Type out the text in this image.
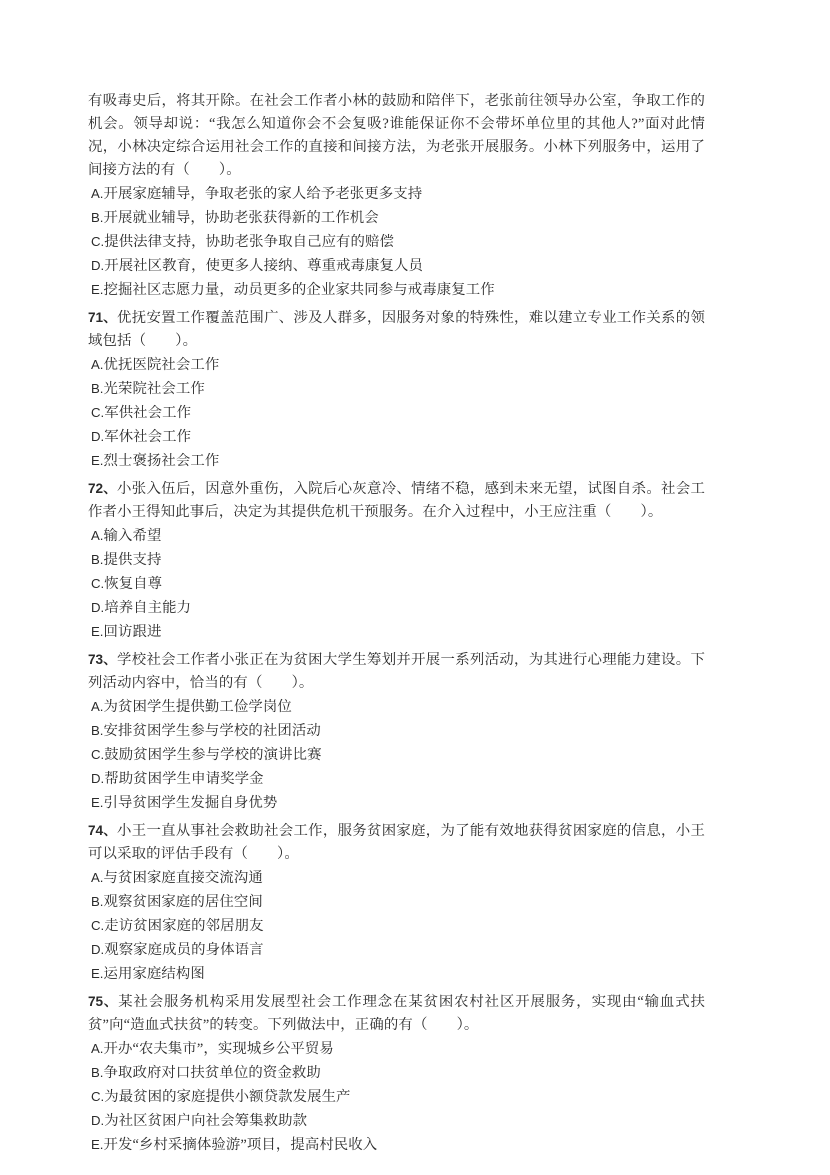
有吸毒史后，将其开除。在社会工作者小林的鼓励和陪伴下，老张前往领导办公室，争取工作的机会。领导却说：“我怎么知道你会不会复吸?谁能保证你不会带坏单位里的其他人?”面对此情况，小林决定综合运用社会工作的直接和间接方法，为老张开展服务。小林下列服务中，运用了间接方法的有（　　）。
A.开展家庭辅导，争取老张的家人给予老张更多支持
B.开展就业辅导，协助老张获得新的工作机会
C.提供法律支持，协助老张争取自己应有的赔偿
D.开展社区教育，使更多人接纳、尊重戒毒康复人员
E.挖掘社区志愿力量，动员更多的企业家共同参与戒毒康复工作
71、优抚安置工作覆盖范围广、涉及人群多，因服务对象的特殊性，难以建立专业工作关系的领域包括（　　）。
A.优抚医院社会工作
B.光荣院社会工作
C.军供社会工作
D.军休社会工作
E.烈士褒扬社会工作
72、小张入伍后，因意外重伤，入院后心灰意冷、情绪不稳，感到未来无望，试图自杀。社会工作者小王得知此事后，决定为其提供危机干预服务。在介入过程中，小王应注重（　　）。
A.输入希望
B.提供支持
C.恢复自尊
D.培养自主能力
E.回访跟进
73、学校社会工作者小张正在为贫困大学生筹划并开展一系列活动，为其进行心理能力建设。下列活动内容中，恰当的有（　　）。
A.为贫困学生提供勤工俭学岗位
B.安排贫困学生参与学校的社团活动
C.鼓励贫困学生参与学校的演讲比赛
D.帮助贫困学生申请奖学金
E.引导贫困学生发掘自身优势
74、小王一直从事社会救助社会工作，服务贫困家庭，为了能有效地获得贫困家庭的信息，小王可以采取的评估手段有（　　）。
A.与贫困家庭直接交流沟通
B.观察贫困家庭的居住空间
C.走访贫困家庭的邻居朋友
D.观察家庭成员的身体语言
E.运用家庭结构图
75、某社会服务机构采用发展型社会工作理念在某贫困农村社区开展服务，实现由“输血式扶贫”向“造血式扶贫”的转变。下列做法中，正确的有（　　）。
A.开办“农夫集市”，实现城乡公平贸易
B.争取政府对口扶贫单位的资金救助
C.为最贫困的家庭提供小额贷款发展生产
D.为社区贫困户向社会筹集救助款
E.开发“乡村采摘体验游”项目，提高村民收入
